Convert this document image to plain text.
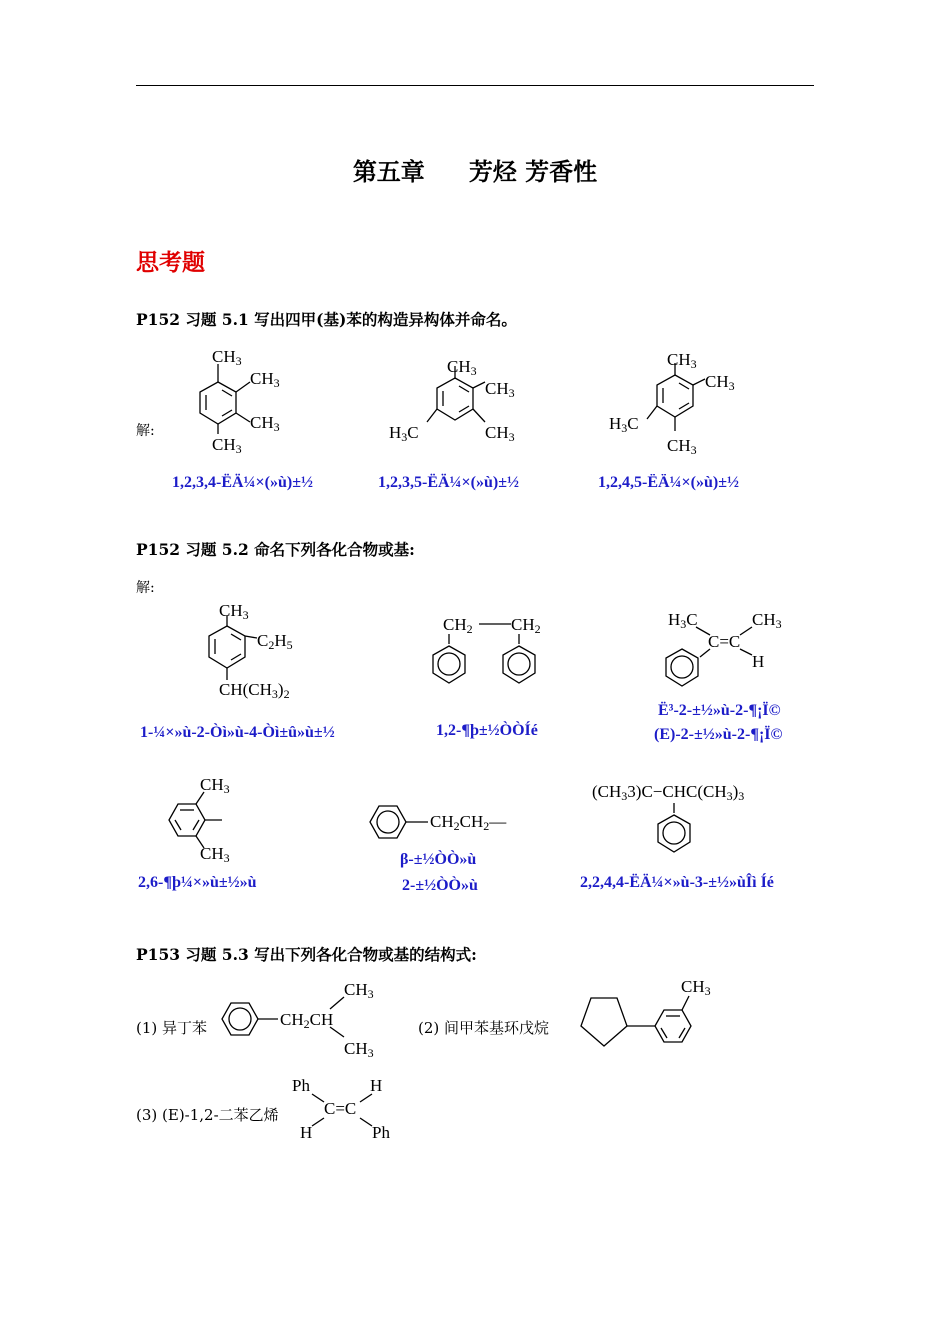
第五章 芳烃 芳香性
思考题
P152 习题 5.1 写出四甲(基)苯的构造异构体并命名。
解:
CH3
CH3
CH3
CH3
CH3
CH3
CH3
H3C
CH3
CH3
H3C
CH3
1,2,3,4-ËÄ¼×(»ù)±½	1,2,3,5-ËÄ¼×(»ù)±½	1,2,4,5-ËÄ¼×(»ù)±½
P152 习题 5.2 命名下列各化合物或基:
解:
CH3
C2H5
CH(CH3)2
CH2 CH2	H3C	CH3
C=C
H
1-¼×»ù-2-Òì»ù-4-Òì±û»ù±½	1,2-¶þ±½ÒÒÍé
Ë³-2-±½»ù-2-¶¡Ï©
(E)-2-±½»ù-2-¶¡Ï©
CH3
CH3
CH2CH2—
(CH33)C−CHC(CH3)3
2,6-¶þ¼×»ù±½»ù
β-±½ÒÒ»ù
2-±½ÒÒ»ù	2,2,4,4-ËÄ¼×»ù-3-±½»ùÎì Íé
P153 习题 5.3 写出下列各化合物或基的结构式:
(1) 异丁苯	CH2CH
CH3
CH3
(2) 间甲苯基环戊烷
CH3
(3) (E)-1,2-二苯乙烯
Ph	H
C=C
H	Ph
